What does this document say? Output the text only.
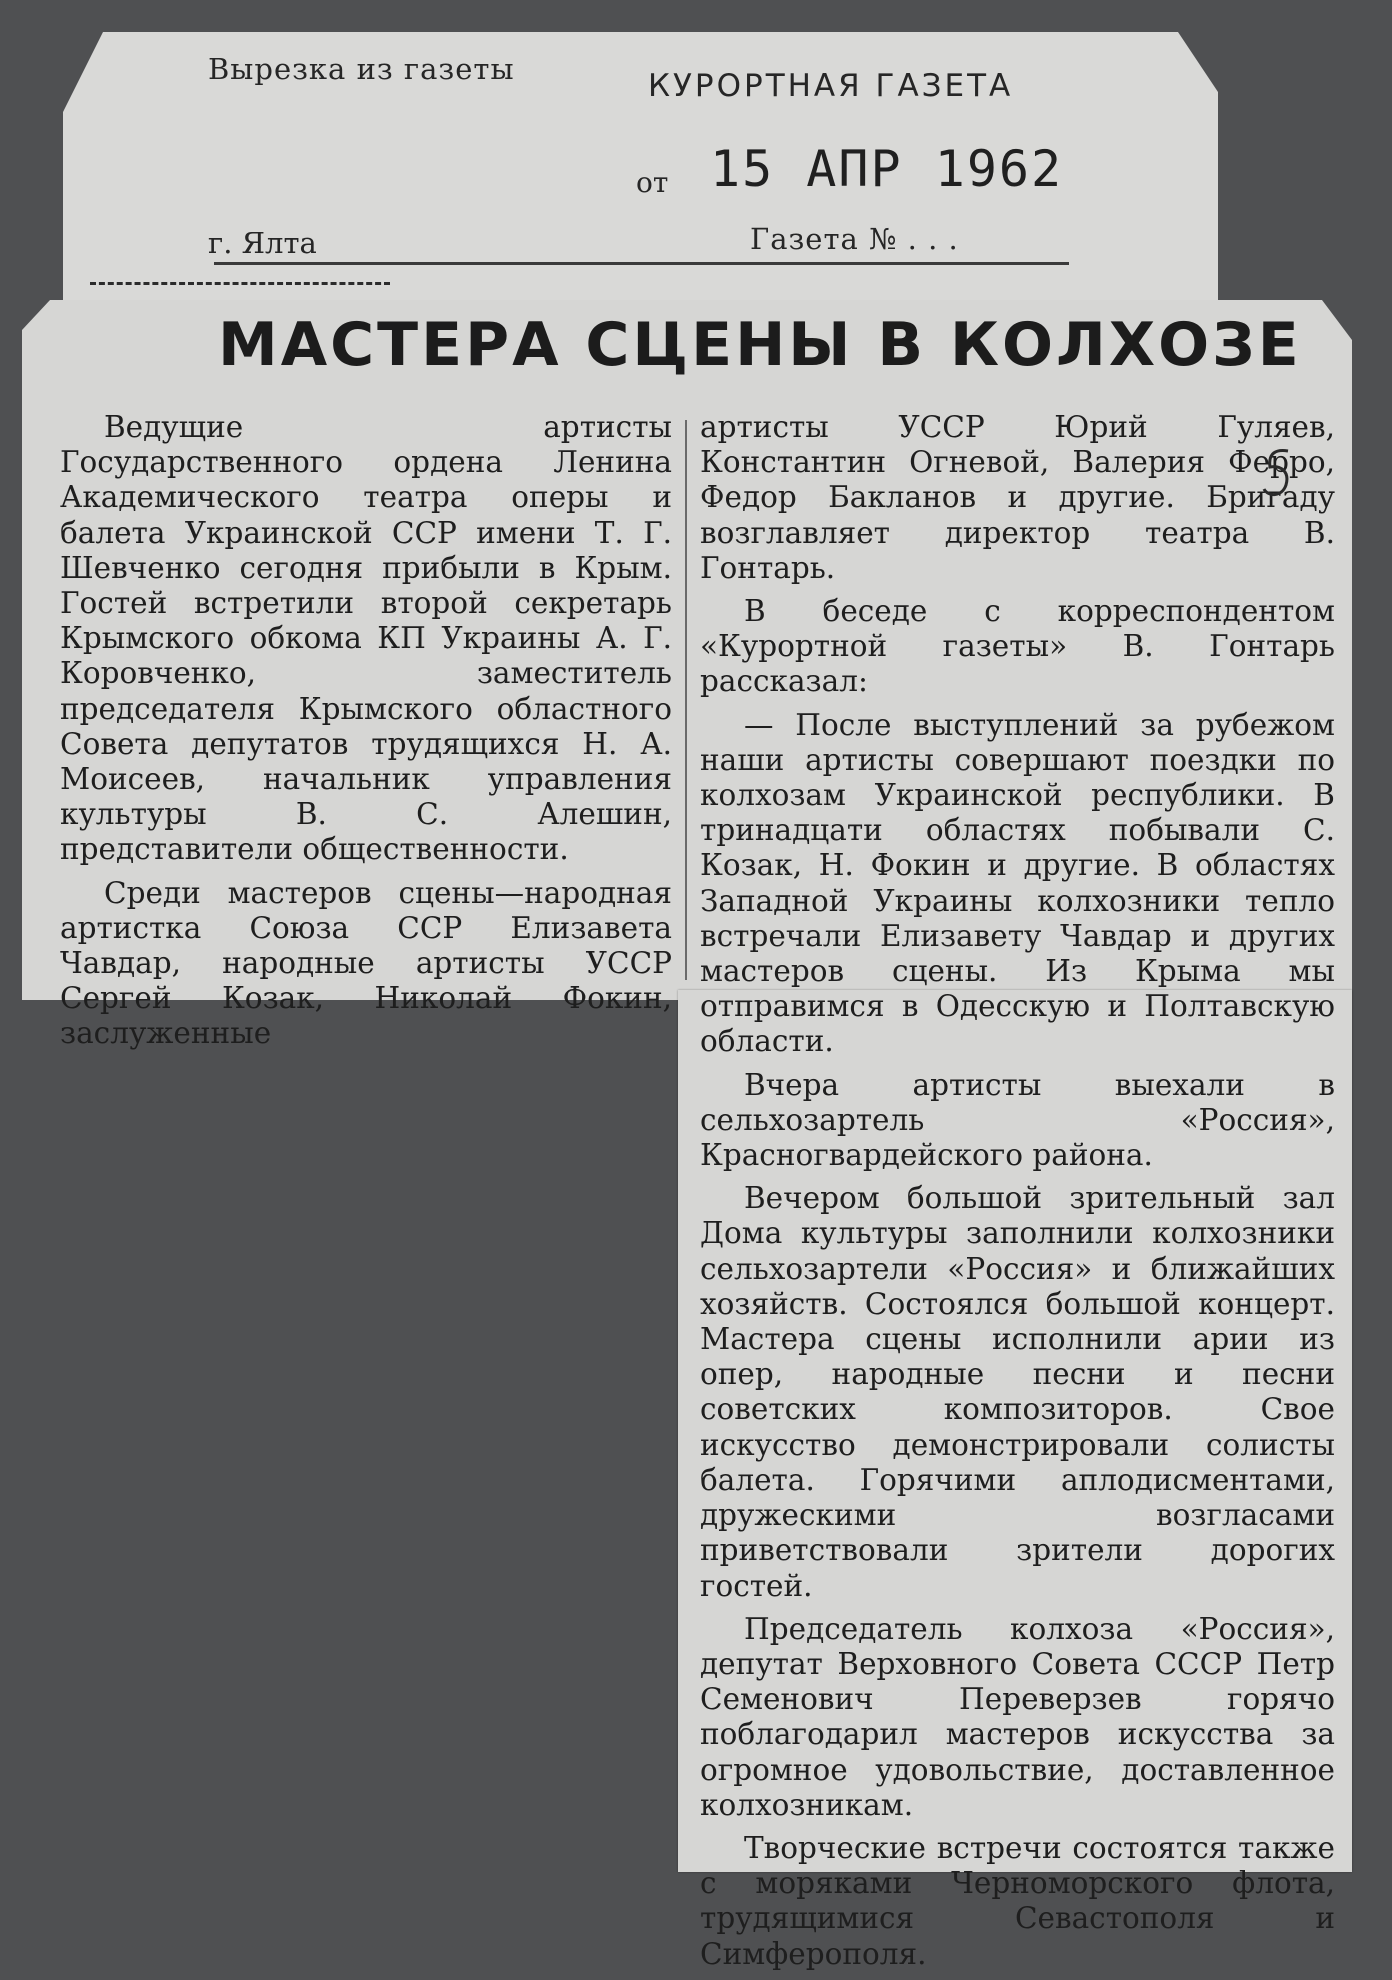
Вырезка из газеты	КУРОРТНАЯ ГАЗЕТА
от 15 АПР 1962
г. Ялта	Газета № . . .
МАСТЕРА СЦЕНЫ В КОЛХОЗЕ

Ведущие артисты Государственного ордена Ленина Академического театра оперы и балета Украинской ССР имени Т. Г. Шевченко сегодня прибыли в Крым. Гостей встретили второй секретарь Крымского обкома КП Украины А. Г. Коровченко, заместитель председателя Крымского областного Совета депутатов трудящихся Н. А. Моисеев, начальник управления культуры В. С. Алешин, представители общественности.

Среди мастеров сцены—народная артистка Союза ССР Елизавета Чавдар, народные артисты УССР Сергей Козак, Николай Фокин, заслуженные

артисты УССР Юрий Гуляев, Константин Огневой, Валерия Ферро, Федор Бакланов и другие. Бригаду возглавляет директор театра В. Гонтарь.

В беседе с корреспондентом «Курортной газеты» В. Гонтарь рассказал:

— После выступлений за рубежом наши артисты совершают поездки по колхозам Украинской республики. В тринадцати областях побывали С. Козак, Н. Фокин и другие. В областях Западной Украины колхозники тепло встречали Елизавету Чавдар и других мастеров сцены. Из Крыма мы отправимся в Одесскую и Полтавскую области.

Вчера артисты выехали в сельхозартель «Россия», Красногвардейского района.

Вечером большой зрительный зал Дома культуры заполнили колхозники сельхозартели «Россия» и ближайших хозяйств. Состоялся большой концерт. Мастера сцены исполнили арии из опер, народные песни и песни советских композиторов. Свое искусство демонстрировали солисты балета. Горячими аплодисментами, дружескими возгласами приветствовали зрители дорогих гостей.

Председатель колхоза «Россия», депутат Верховного Совета СССР Петр Семенович Переверзев горячо поблагодарил мастеров искусства за огромное удовольствие, доставленное колхозникам.

Творческие встречи состоятся также с моряками Черноморского флота, трудящимися Севастополя и Симферополя.
